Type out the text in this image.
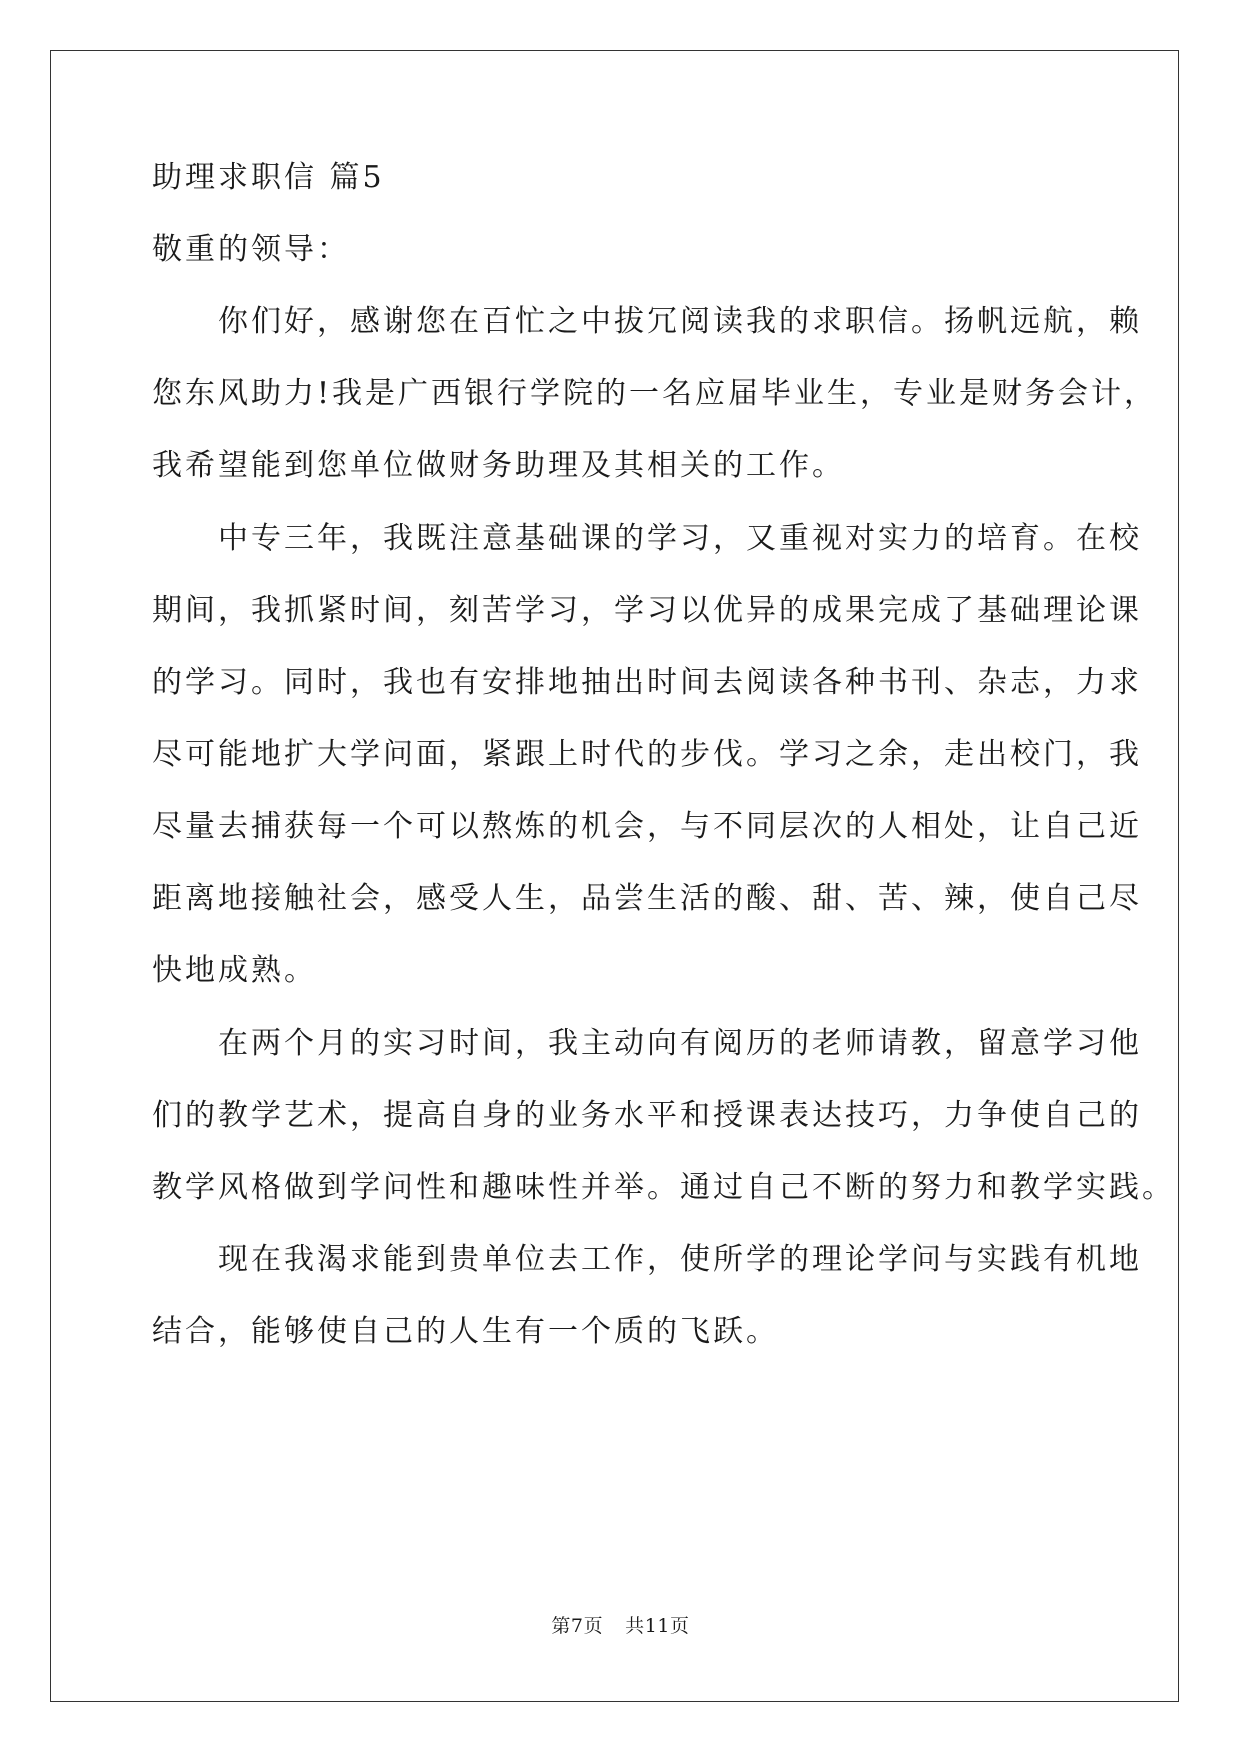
助理求职信 篇5
敬重的领导：
　　你们好，感谢您在百忙之中拔冗阅读我的求职信。扬帆远航，赖
您东风助力!我是广西银行学院的一名应届毕业生，专业是财务会计，
我希望能到您单位做财务助理及其相关的工作。
　　中专三年，我既注意基础课的学习，又重视对实力的培育。在校
期间，我抓紧时间，刻苦学习，学习以优异的成果完成了基础理论课
的学习。同时，我也有安排地抽出时间去阅读各种书刊、杂志，力求
尽可能地扩大学问面，紧跟上时代的步伐。学习之余，走出校门，我
尽量去捕获每一个可以熬炼的机会，与不同层次的人相处，让自己近
距离地接触社会，感受人生，品尝生活的酸、甜、苦、辣，使自己尽
快地成熟。
　　在两个月的实习时间，我主动向有阅历的老师请教，留意学习他
们的教学艺术，提高自身的业务水平和授课表达技巧，力争使自己的
教学风格做到学问性和趣味性并举。通过自己不断的努力和教学实践。
　　现在我渴求能到贵单位去工作，使所学的理论学问与实践有机地
结合，能够使自己的人生有一个质的飞跃。
第7页 共11页
